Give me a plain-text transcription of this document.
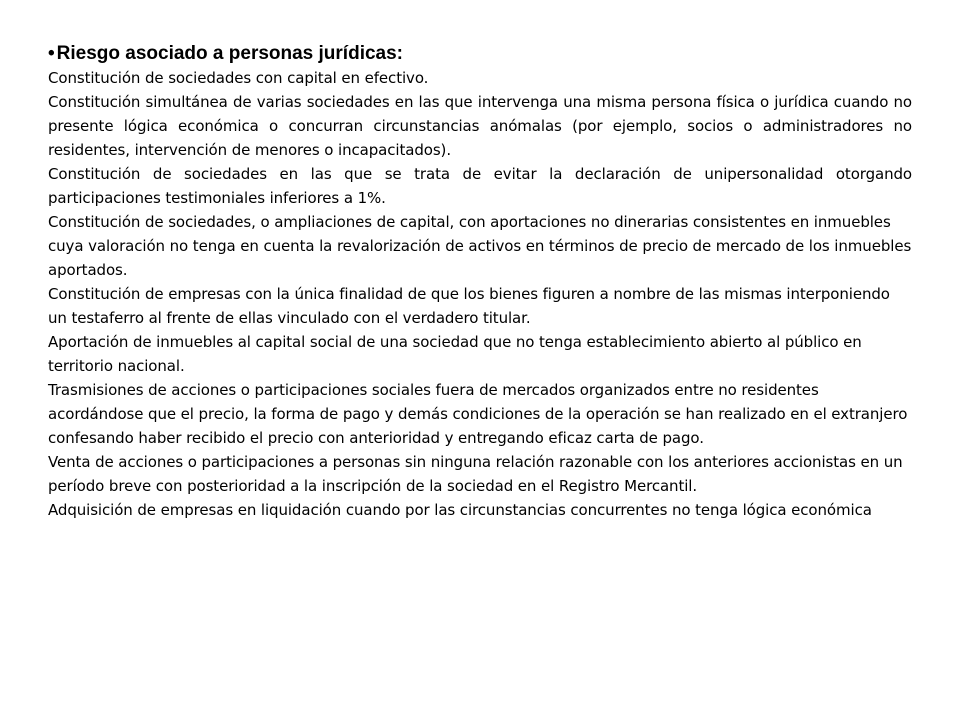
• Riesgo asociado a personas jurídicas:

Constitución de sociedades con capital en efectivo.

Constitución simultánea de varias sociedades en las que intervenga una misma persona física o jurídica cuando no presente lógica económica o concurran circunstancias anómalas (por ejemplo, socios o administradores no residentes, intervención de menores o incapacitados).

Constitución de sociedades en las que se trata de evitar la declaración de unipersonalidad otorgando participaciones testimoniales inferiores a 1%.

Constitución de sociedades, o ampliaciones de capital, con aportaciones no dinerarias consistentes en inmuebles cuya valoración no tenga en cuenta la revalorización de activos en términos de precio de mercado de los inmuebles aportados.

Constitución de empresas con la única finalidad de que los bienes figuren a nombre de las mismas interponiendo un testaferro al frente de ellas vinculado con el verdadero titular.

Aportación de inmuebles al capital social de una sociedad que no tenga establecimiento abierto al público en territorio nacional.

Trasmisiones de acciones o participaciones sociales fuera de mercados organizados entre no residentes acordándose que el precio, la forma de pago y demás condiciones de la operación se han realizado en el extranjero confesando haber recibido el precio con anterioridad y entregando eficaz carta de pago.

Venta de acciones o participaciones a personas sin ninguna relación razonable con los anteriores accionistas en un período breve con posterioridad a la inscripción de la sociedad en el Registro Mercantil.

Adquisición de empresas en liquidación cuando por las circunstancias concurrentes no tenga lógica económica
